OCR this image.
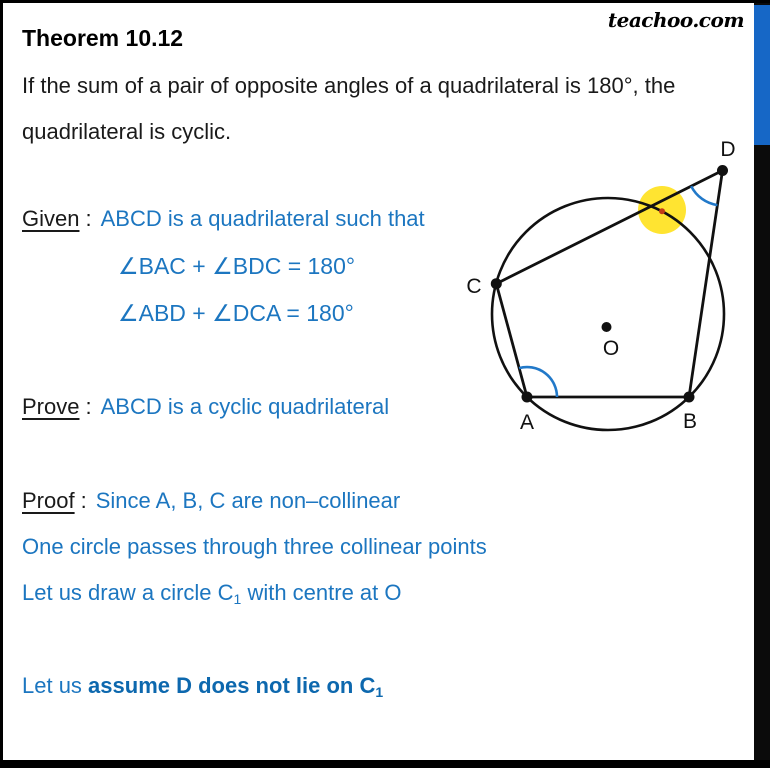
teachoo.com
Theorem 10.12
If the sum of a pair of opposite angles of a quadrilateral is 180°, the
quadrilateral is cyclic.
Given : ABCD is a quadrilateral such that
∠BAC + ∠BDC = 180°
∠ABD + ∠DCA = 180°
Prove : ABCD is a cyclic quadrilateral
Proof : Since A, B, C are non–collinear
One circle passes through three collinear points
Let us draw a circle $C_1$ with centre at O
Let us assume D does not lie on $C_1$
A	B
C
D
O
